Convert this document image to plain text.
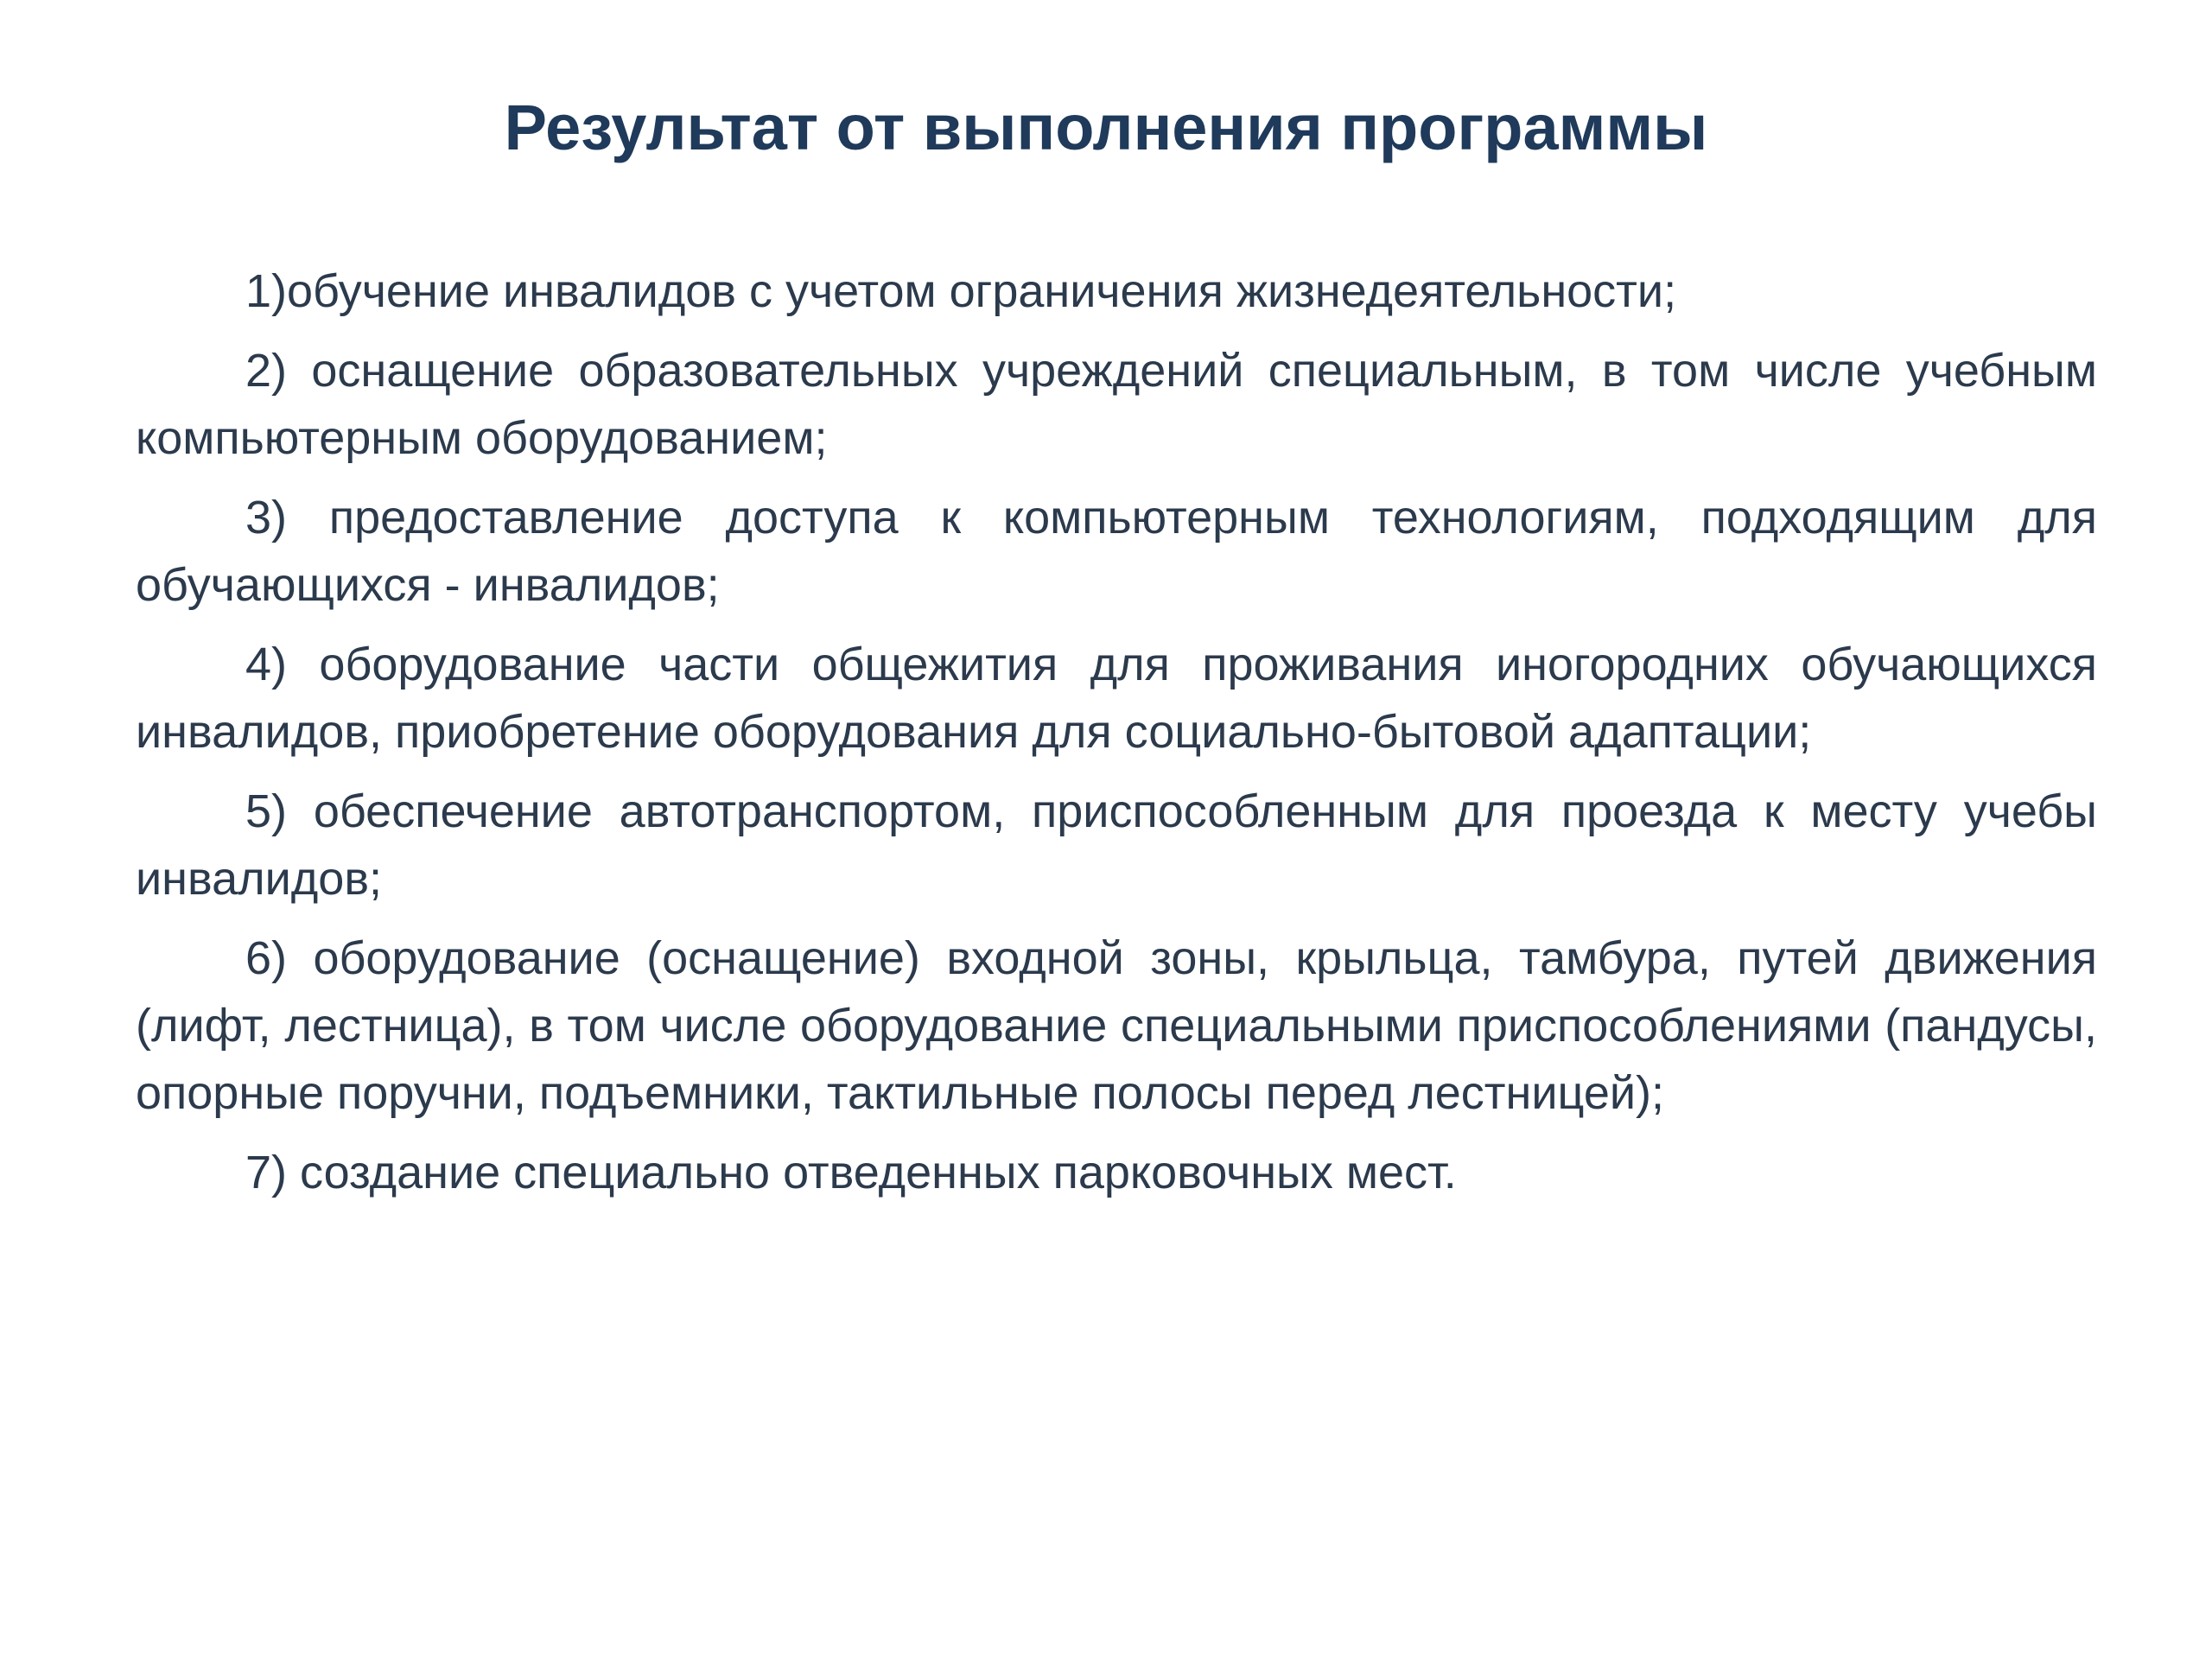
Результат от выполнения программы

1)обучение инвалидов с учетом ограничения жизнедеятельности;

2) оснащение образовательных учреждений специальным, в том числе учебным компьютерным оборудованием;

3) предоставление доступа к компьютерным технологиям, подходящим для обучающихся - инвалидов;

4) оборудование части общежития для проживания иногородних обучающихся инвалидов, приобретение оборудования для социально-бытовой адаптации;

5) обеспечение автотранспортом, приспособленным для проезда к месту учебы инвалидов;

6) оборудование (оснащение) входной зоны, крыльца, тамбура, путей движения (лифт, лестница), в том числе оборудование специальными приспособлениями (пандусы, опорные поручни, подъемники, тактильные полосы перед лестницей);

7) создание специально отведенных парковочных мест.
